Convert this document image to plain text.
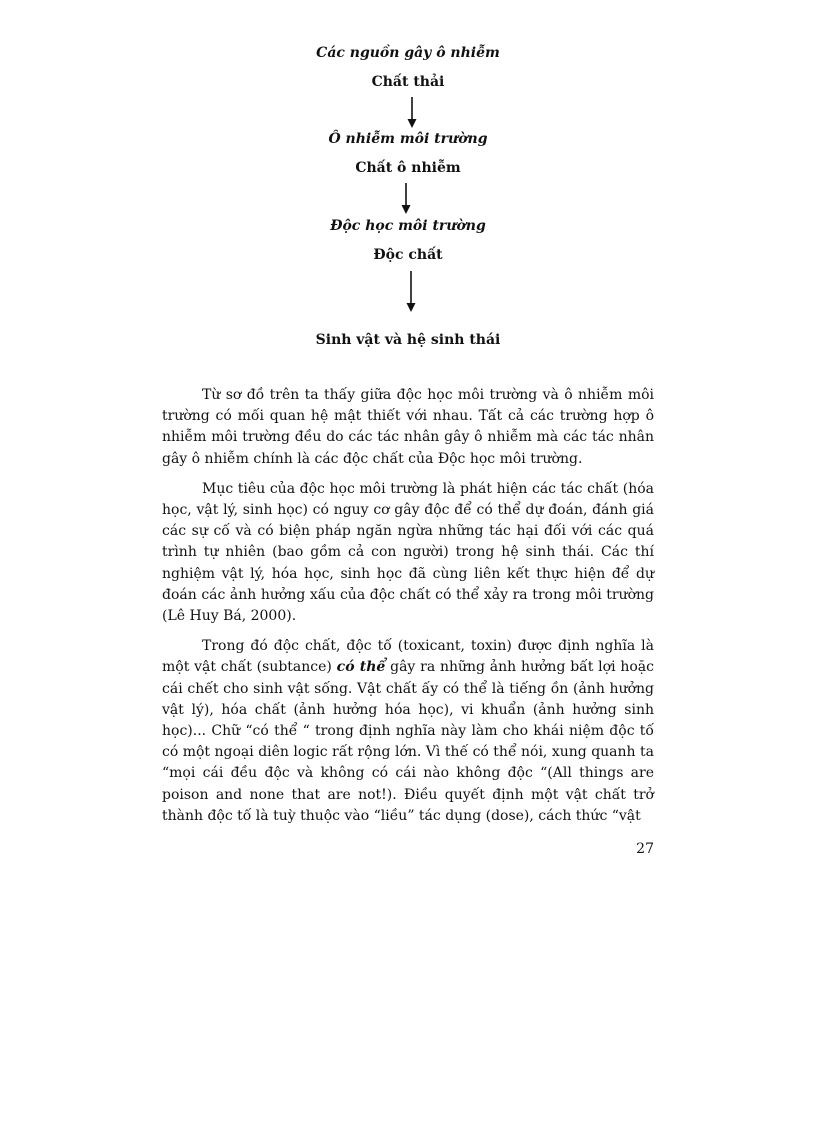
Các nguồn gây ô nhiễm
Chất thải
Ô nhiễm môi trường
Chất ô nhiễm
Độc học môi trường
Độc chất
Sinh vật và hệ sinh thái

Từ sơ đồ trên ta thấy giữa độc học môi trường và ô nhiễm môi trường có mối quan hệ mật thiết với nhau. Tất cả các trường hợp ô nhiễm môi trường đều do các tác nhân gây ô nhiễm mà các tác nhân gây ô nhiễm chính là các độc chất của Độc học môi trường.

Mục tiêu của độc học môi trường là phát hiện các tác chất (hóa học, vật lý, sinh học) có nguy cơ gây độc để có thể dự đoán, đánh giá các sự cố và có biện pháp ngăn ngừa những tác hại đối với các quá trình tự nhiên (bao gồm cả con người) trong hệ sinh thái. Các thí nghiệm vật lý, hóa học, sinh học đã cùng liên kết thực hiện để dự đoán các ảnh hưởng xấu của độc chất có thể xảy ra trong môi trường (Lê Huy Bá, 2000).

Trong đó độc chất, độc tố (toxicant, toxin) được định nghĩa là một vật chất (subtance) có thể gây ra những ảnh hưởng bất lợi hoặc cái chết cho sinh vật sống. Vật chất ấy có thể là tiếng ồn (ảnh hưởng vật lý), hóa chất (ảnh hưởng hóa học), vi khuẩn (ảnh hưởng sinh học)... Chữ “có thể “ trong định nghĩa này làm cho khái niệm độc tố có một ngoại diên logic rất rộng lớn. Vì thế có thể nói, xung quanh ta “mọi cái đều độc và không có cái nào không độc “(All things are poison and none that are not!). Điều quyết định một vật chất trở thành độc tố là tuỳ thuộc vào “liều” tác dụng (dose), cách thức “vật

27
